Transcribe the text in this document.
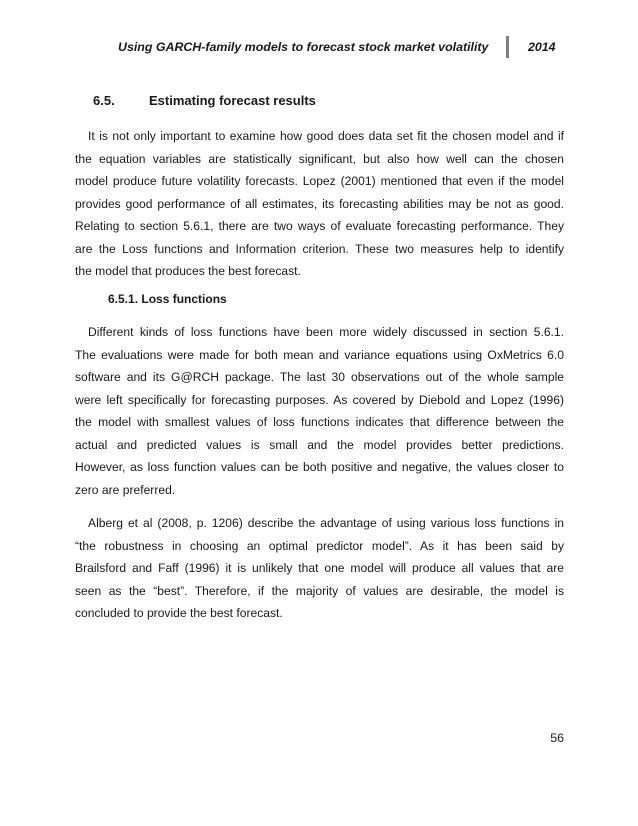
Using GARCH-family models to forecast stock market volatility	2014
6.5.	Estimating forecast results
It is not only important to examine how good does data set fit the chosen model and if
the equation variables are statistically significant, but also how well can the chosen
model produce future volatility forecasts. Lopez (2001) mentioned that even if the model
provides good performance of all estimates, its forecasting abilities may be not as good.
Relating to section 5.6.1, there are two ways of evaluate forecasting performance. They
are the Loss functions and Information criterion. These two measures help to identify
the model that produces the best forecast.
6.5.1. Loss functions
Different kinds of loss functions have been more widely discussed in section 5.6.1.
The evaluations were made for both mean and variance equations using OxMetrics 6.0
software and its G@RCH package. The last 30 observations out of the whole sample
were left specifically for forecasting purposes. As covered by Diebold and Lopez (1996)
the model with smallest values of loss functions indicates that difference between the
actual and predicted values is small and the model provides better predictions.
However, as loss function values can be both positive and negative, the values closer to
zero are preferred.
Alberg et al (2008, p. 1206) describe the advantage of using various loss functions in
“the robustness in choosing an optimal predictor model”. As it has been said by
Brailsford and Faff (1996) it is unlikely that one model will produce all values that are
seen as the “best”. Therefore, if the majority of values are desirable, the model is
concluded to provide the best forecast.
56
